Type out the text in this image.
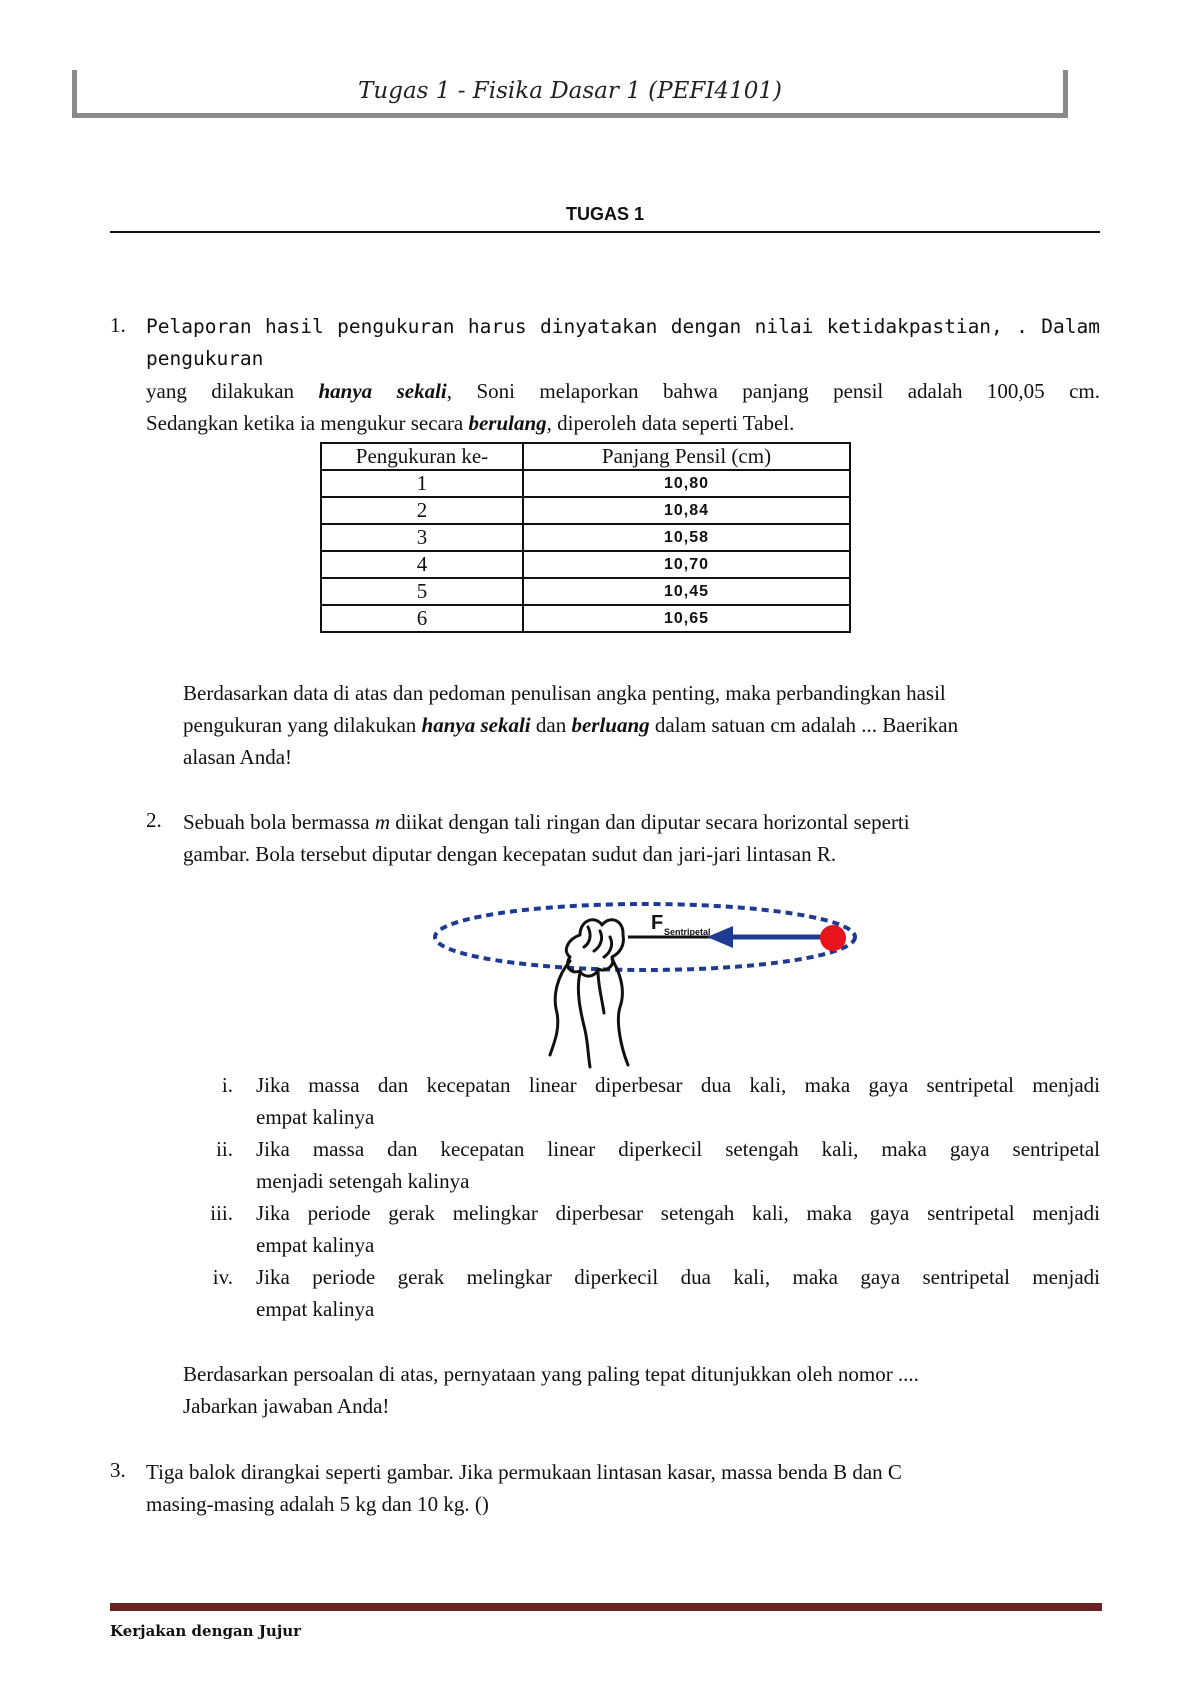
Tugas 1 - Fisika Dasar 1 (PEFI4101)
TUGAS 1
1. Pelaporan hasil pengukuran harus dinyatakan dengan nilai ketidakpastian, . Dalam pengukuran
yang dilakukan hanya sekali, Soni melaporkan bahwa panjang pensil adalah 100,05 cm.
Sedangkan ketika ia mengukur secara berulang, diperoleh data seperti Tabel.
Pengukuran ke-	Panjang Pensil (cm)
1	10,80
2	10,84
3	10,58
4	10,70
5	10,45
6	10,65
Berdasarkan data di atas dan pedoman penulisan angka penting, maka perbandingkan hasil
pengukuran yang dilakukan hanya sekali dan berluang dalam satuan cm adalah ... Baerikan
alasan Anda!
2. Sebuah bola bermassa m diikat dengan tali ringan dan diputar secara horizontal seperti
gambar. Bola tersebut diputar dengan kecepatan sudut dan jari-jari lintasan R.
F Sentripetal
i. Jika massa dan kecepatan linear diperbesar dua kali, maka gaya sentripetal menjadi
empat kalinya
ii. Jika massa dan kecepatan linear diperkecil setengah kali, maka gaya sentripetal
menjadi setengah kalinya
iii. Jika periode gerak melingkar diperbesar setengah kali, maka gaya sentripetal menjadi
empat kalinya
iv. Jika periode gerak melingkar diperkecil dua kali, maka gaya sentripetal menjadi
empat kalinya
Berdasarkan persoalan di atas, pernyataan yang paling tepat ditunjukkan oleh nomor ....
Jabarkan jawaban Anda!
3. Tiga balok dirangkai seperti gambar. Jika permukaan lintasan kasar, massa benda B dan C
masing-masing adalah 5 kg dan 10 kg. ()
Kerjakan dengan Jujur
